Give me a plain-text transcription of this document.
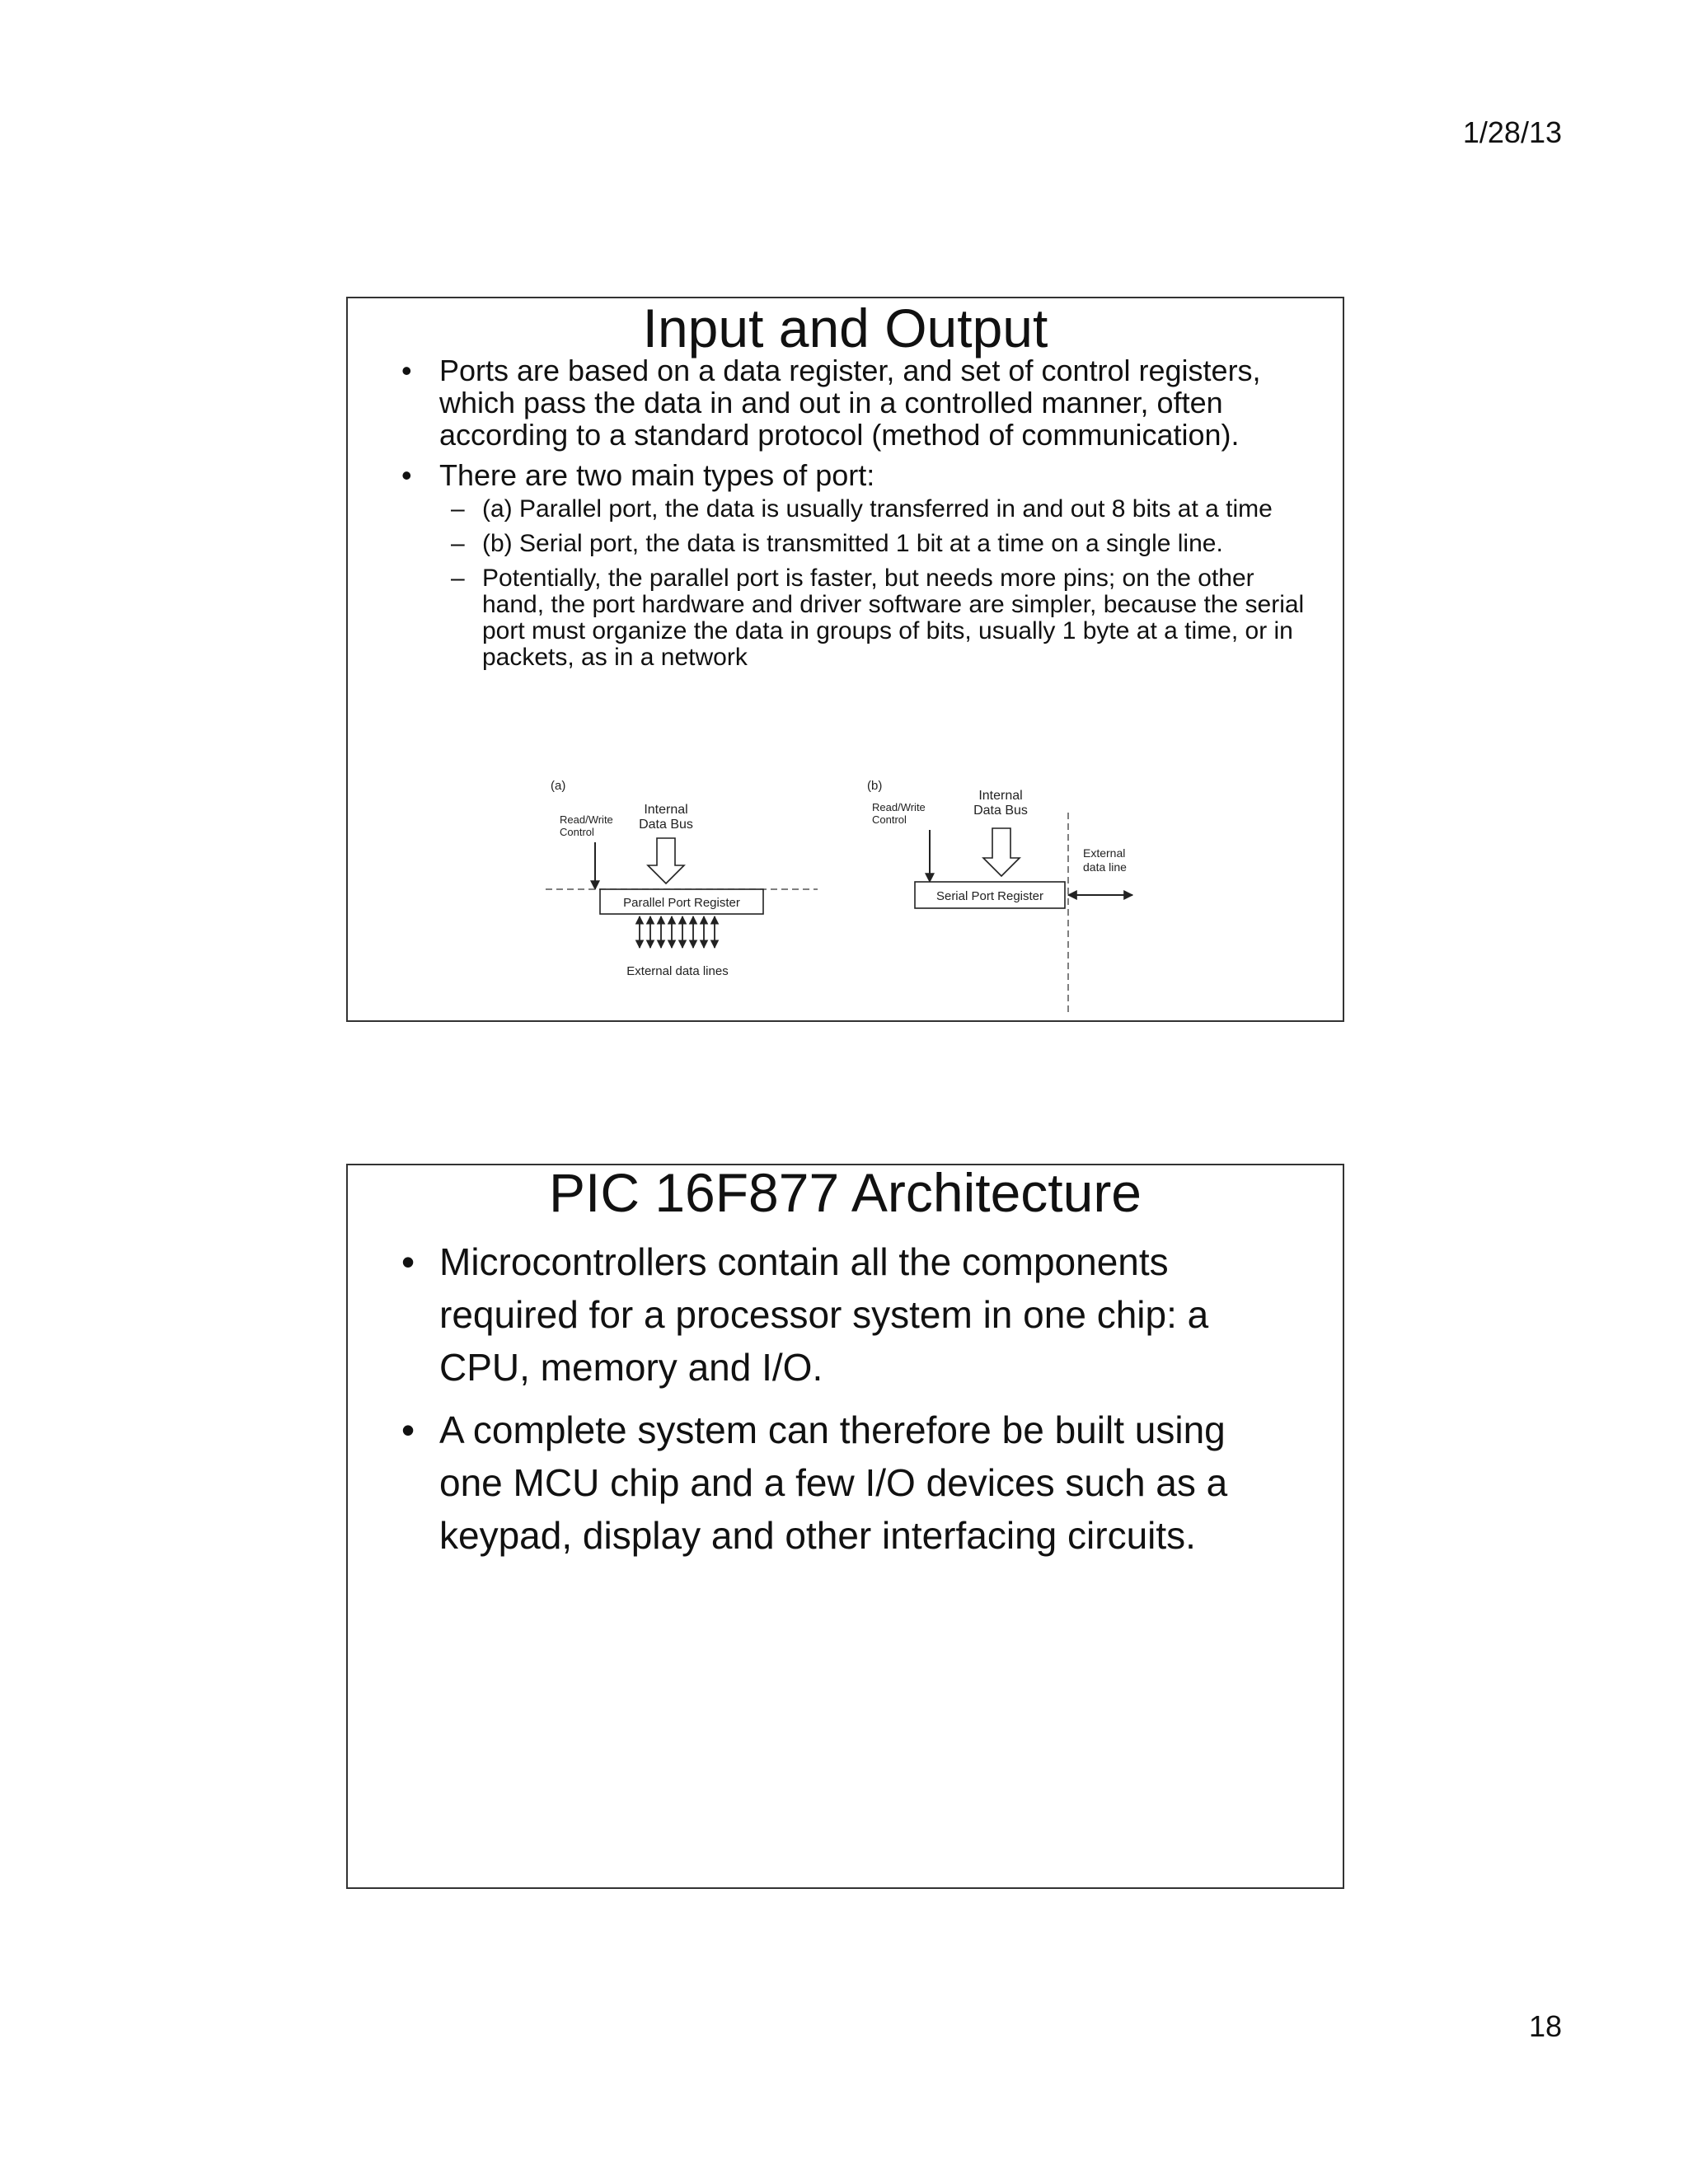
1/28/13
Input and Output
• Ports are based on a data register, and set of control registers, which pass the data in and out in a controlled manner, often according to a standard protocol (method of communication).
• There are two main types of port:
– (a) Parallel port, the data is usually transferred in and out 8 bits at a time
– (b) Serial port, the data is transmitted 1 bit at a time on a single line.
– Potentially, the parallel port is faster, but needs more pins; on the other hand, the port hardware and driver software are simpler, because the serial port must organize the data in groups of bits, usually 1 byte at a time, or in packets, as in a network
(a)
Read/Write
Control
Internal
Data Bus
Parallel Port Register
External data lines
(b)
Read/Write
Control
Internal
Data Bus
Serial Port Register
External
data line
PIC 16F877 Architecture
• Microcontrollers contain all the components required for a processor system in one chip: a CPU, memory and I/O.
• A complete system can therefore be built using one MCU chip and a few I/O devices such as a keypad, display and other interfacing circuits.
18
